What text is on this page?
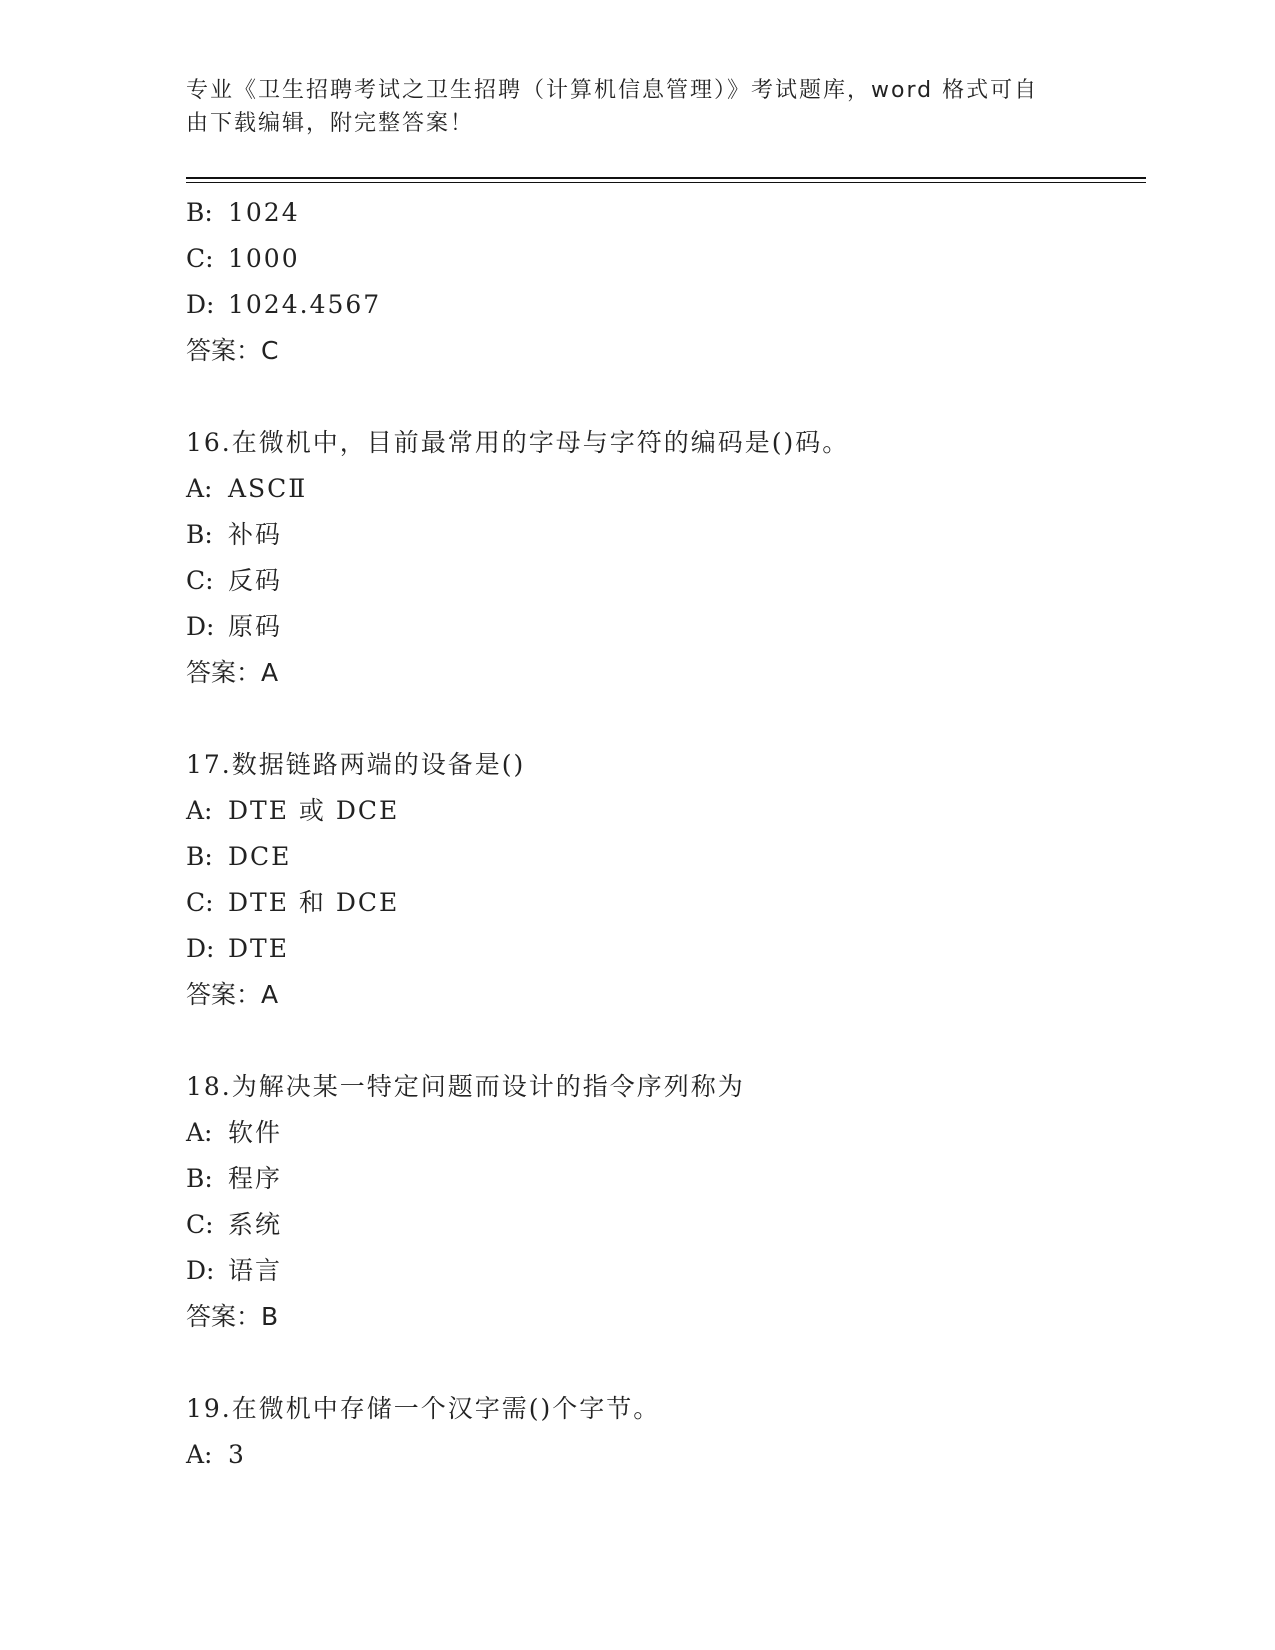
专业《卫生招聘考试之卫生招聘（计算机信息管理）》考试题库，word 格式可自
由下载编辑，附完整答案！
B: 1024
C: 1000
D: 1024.4567
答案：C
16.在微机中，目前最常用的字母与字符的编码是()码。
A: ASCⅡ
B: 补码
C: 反码
D: 原码
答案：A
17.数据链路两端的设备是()
A: DTE 或 DCE
B: DCE
C: DTE 和 DCE
D: DTE
答案：A
18.为解决某一特定问题而设计的指令序列称为
A: 软件
B: 程序
C: 系统
D: 语言
答案：B
19.在微机中存储一个汉字需()个字节。
A: 3
